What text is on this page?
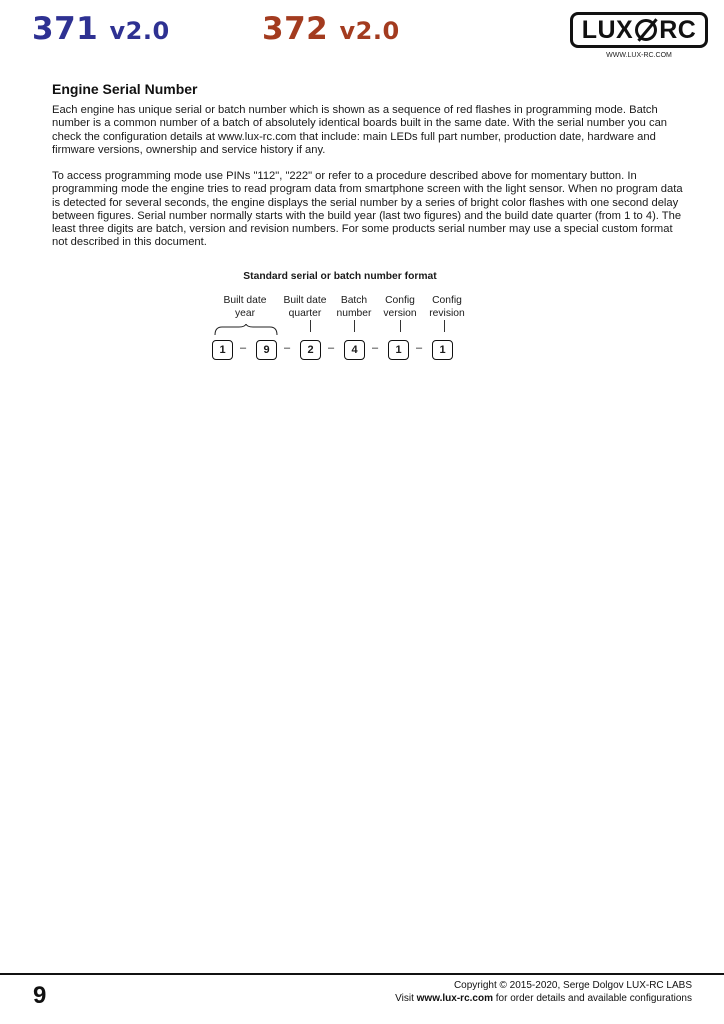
371 v2.0	372 v2.0	LUX RC
WWW.LUX-RC.COM
Engine Serial Number

Each engine has unique serial or batch number which is shown as a sequence of red flashes in programming mode. Batch number is a common number of a batch of absolutely identical boards built in the same date. With the serial number you can check the configuration details at www.lux-rc.com that include: main LEDs full part number, production date, hardware and firmware versions, ownership and service history if any.

To access programming mode use PINs "112", "222" or refer to a procedure described above for momentary button. In programming mode the engine tries to read program data from smartphone screen with the light sensor. When no program data is detected for several seconds, the engine displays the serial number by a series of bright color flashes with one second delay between figures. Serial number normally starts with the build year (last two figures) and the build date quarter (from 1 to 4). The least three digits are batch, version and revision numbers. For some products serial number may use a special custom format not described in this document.

Standard serial or batch number format
Built date
year
Built date
quarter
Batch
number
Config
version
Config
revision
1	–	9	–	2	–	4	–	1	–	1
9	Copyright © 2015-2020, Serge Dolgov LUX-RC LABS
Visit www.lux-rc.com for order details and available configurations
